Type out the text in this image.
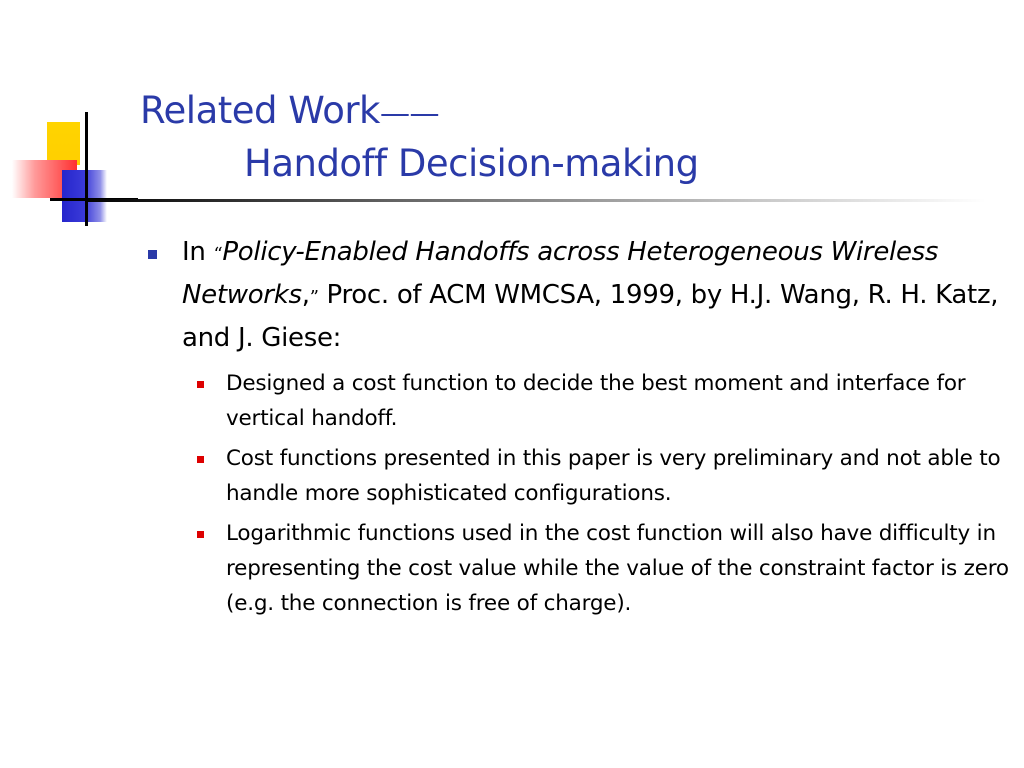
Related Work——
Handoff Decision-making
In “Policy-Enabled Handoffs across Heterogeneous Wireless Networks,” Proc. of ACM WMCSA, 1999, by H.J. Wang, R. H. Katz, and J. Giese:
Designed a cost function to decide the best moment and interface for vertical handoff.
Cost functions presented in this paper is very preliminary and not able to handle more sophisticated configurations.
Logarithmic functions used in the cost function will also have difficulty in representing the cost value while the value of the constraint factor is zero (e.g. the connection is free of charge).
